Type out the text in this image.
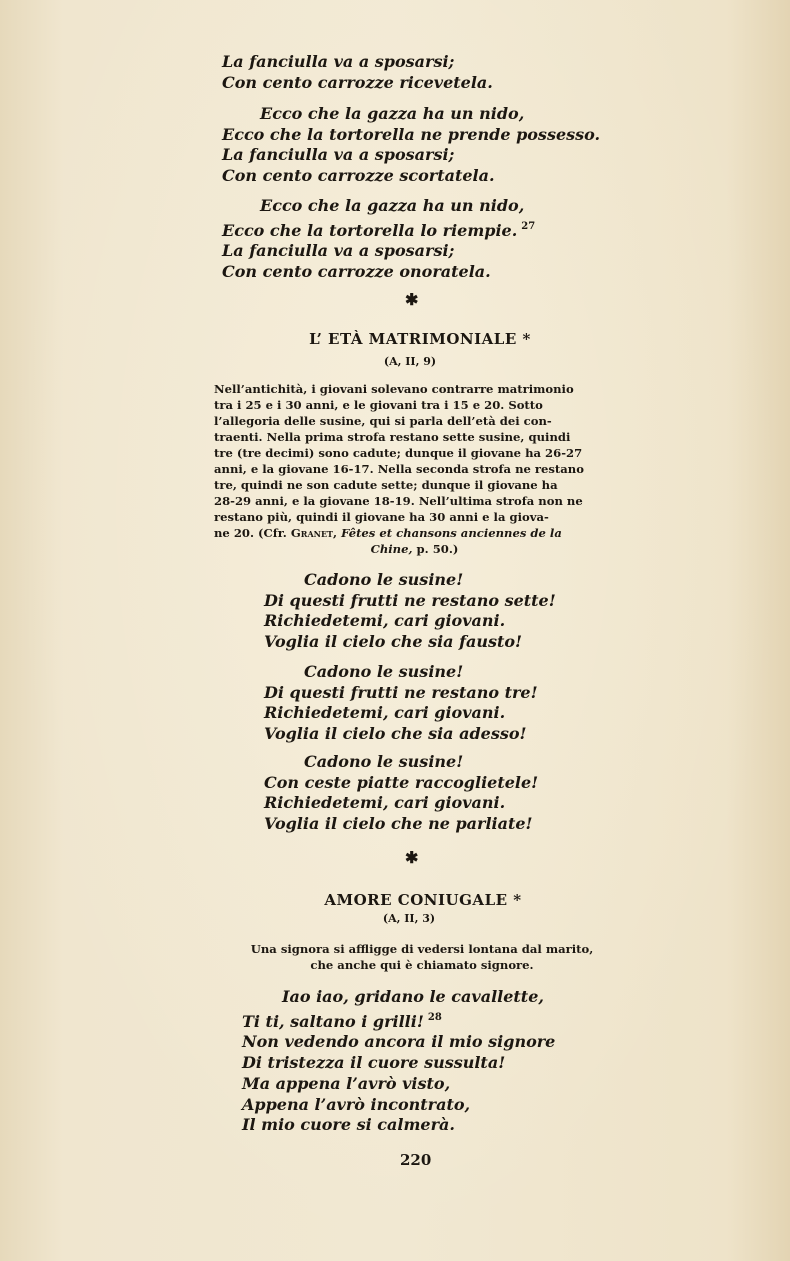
La fanciulla va a sposarsi;
Con cento carrozze ricevetela.
Ecco che la gazza ha un nido,
Ecco che la tortorella ne prende possesso.
La fanciulla va a sposarsi;
Con cento carrozze scortatela.
Ecco che la gazza ha un nido,
Ecco che la tortorella lo riempie. $^{27}$
La fanciulla va a sposarsi;
Con cento carrozze onoratela.
✱
L’ ETÀ MATRIMONIALE *
(A, II, 9)
Nell’antichità, i giovani solevano contrarre matrimonio
tra i 25 e i 30 anni, e le giovani tra i 15 e 20. Sotto
l’allegoria delle susine, qui si parla dell’età dei con-
traenti. Nella prima strofa restano sette susine, quindi
tre (tre decimi) sono cadute; dunque il giovane ha 26-27
anni, e la giovane 16-17. Nella seconda strofa ne restano
tre, quindi ne son cadute sette; dunque il giovane ha
28-29 anni, e la giovane 18-19. Nell’ultima strofa non ne
restano più, quindi il giovane ha 30 anni e la giova-
ne 20. (Cfr. Granet, Fêtes et chansons anciennes de la
Chine, p. 50.)
Cadono le susine!
Di questi frutti ne restano sette!
Richiedetemi, cari giovani.
Voglia il cielo che sia fausto!
Cadono le susine!
Di questi frutti ne restano tre!
Richiedetemi, cari giovani.
Voglia il cielo che sia adesso!
Cadono le susine!
Con ceste piatte raccoglietele!
Richiedetemi, cari giovani.
Voglia il cielo che ne parliate!
✱
AMORE CONIUGALE *
(A, II, 3)
Una signora si affligge di vedersi lontana dal marito,
che anche qui è chiamato signore.
Iao iao, gridano le cavallette,
Ti ti, saltano i grilli! $^{28}$
Non vedendo ancora il mio signore
Di tristezza il cuore sussulta!
Ma appena l’avrò visto,
Appena l’avrò incontrato,
Il mio cuore si calmerà.
220
